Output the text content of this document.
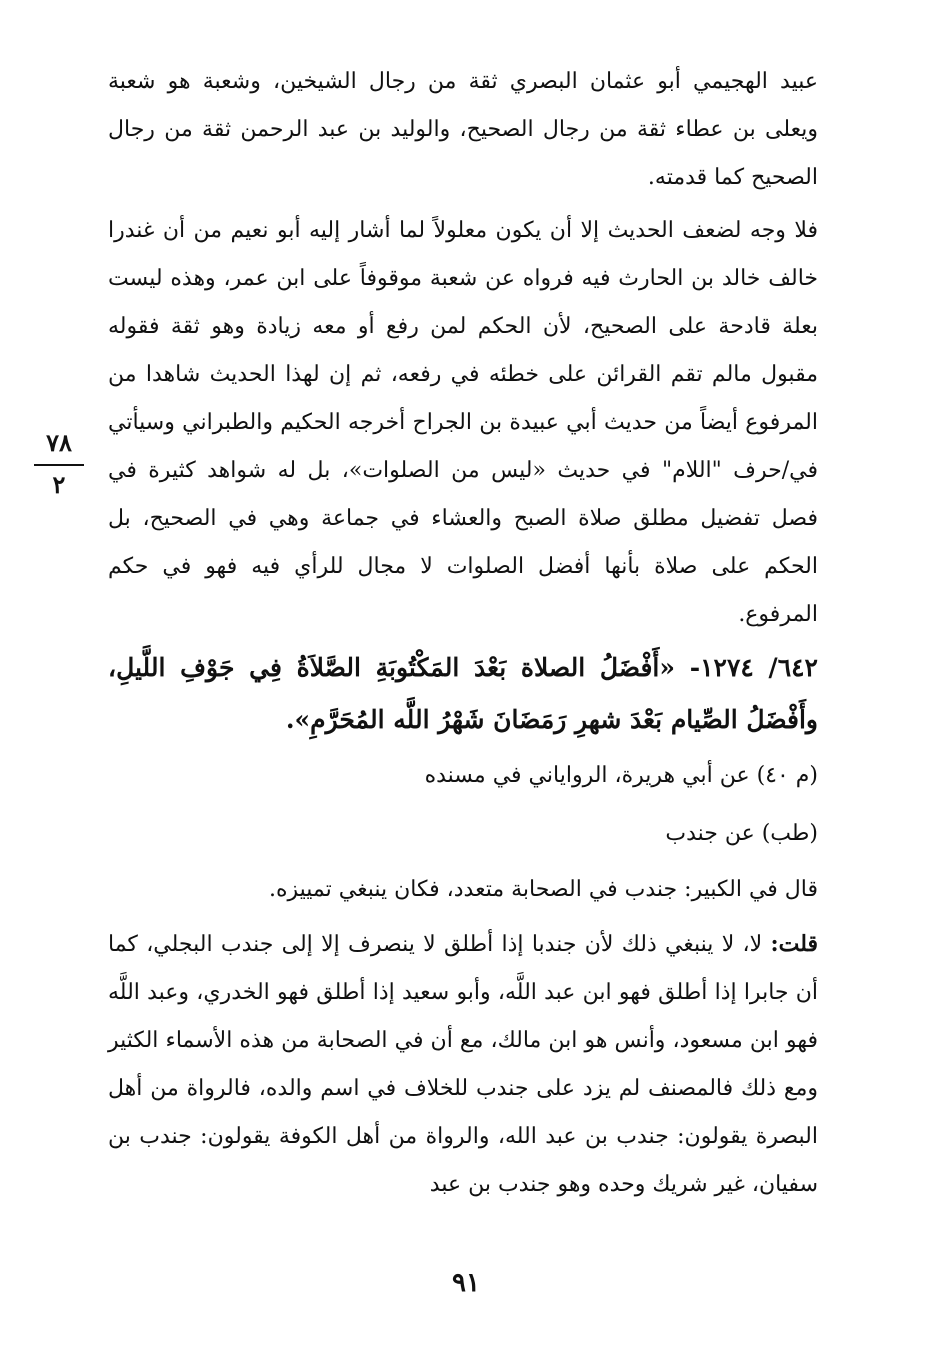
عبيد الهجيمي أبو عثمان البصري ثقة من رجال الشيخين، وشعبة هو شعبة ويعلى بن عطاء ثقة من رجال الصحيح، والوليد بن عبد الرحمن ثقة من رجال الصحيح كما قدمته.

فلا وجه لضعف الحديث إلا أن يكون معلولاً لما أشار إليه أبو نعيم من أن غندرا خالف خالد بن الحارث فيه فرواه عن شعبة موقوفاً على ابن عمر، وهذه ليست بعلة قادحة على الصحيح، لأن الحكم لمن رفع أو معه زيادة وهو ثقة فقوله مقبول مالم تقم القرائن على خطئه في رفعه، ثم إن لهذا الحديث شاهدا من المرفوع أيضاً من حديث أبي عبيدة بن الجراح أخرجه الحكيم والطبراني وسيأتي في/حرف "اللام" في حديث «ليس من الصلوات»، بل له شواهد كثيرة في فصل تفضيل مطلق صلاة الصبح والعشاء في جماعة وهي في الصحيح، بل الحكم على صلاة بأنها أفضل الصلوات لا مجال للرأي فيه فهو في حكم المرفوع.

٧٨
٢

٦٤٢/ ١٢٧٤- «أَفْضَلُ الصلاة بَعْدَ المَكْتُوبَةِ الصَّلاَةُ فِي جَوْفِ اللَّيلِ، وأَفْضَلُ الصِّيام بَعْدَ شهرِ رَمَضَانَ شَهْرُ اللَّه المُحَرَّمِ».

(م ٤٠) عن أبي هريرة، الرواياني في مسنده

(طب) عن جندب

قال في الكبير: جندب في الصحابة متعدد، فكان ينبغي تمييزه.

قلت: لا، لا ينبغي ذلك لأن جندبا إذا أطلق لا ينصرف إلا إلى جندب البجلي، كما أن جابرا إذا أطلق فهو ابن عبد اللَّه، وأبو سعيد إذا أطلق فهو الخدري، وعبد اللَّه فهو ابن مسعود، وأنس هو ابن مالك، مع أن في الصحابة من هذه الأسماء الكثير ومع ذلك فالمصنف لم يزد على جندب للخلاف في اسم والده، فالرواة من أهل البصرة يقولون: جندب بن عبد الله، والرواة من أهل الكوفة يقولون: جندب بن سفيان، غير شريك وحده وهو جندب بن عبد

٩١
